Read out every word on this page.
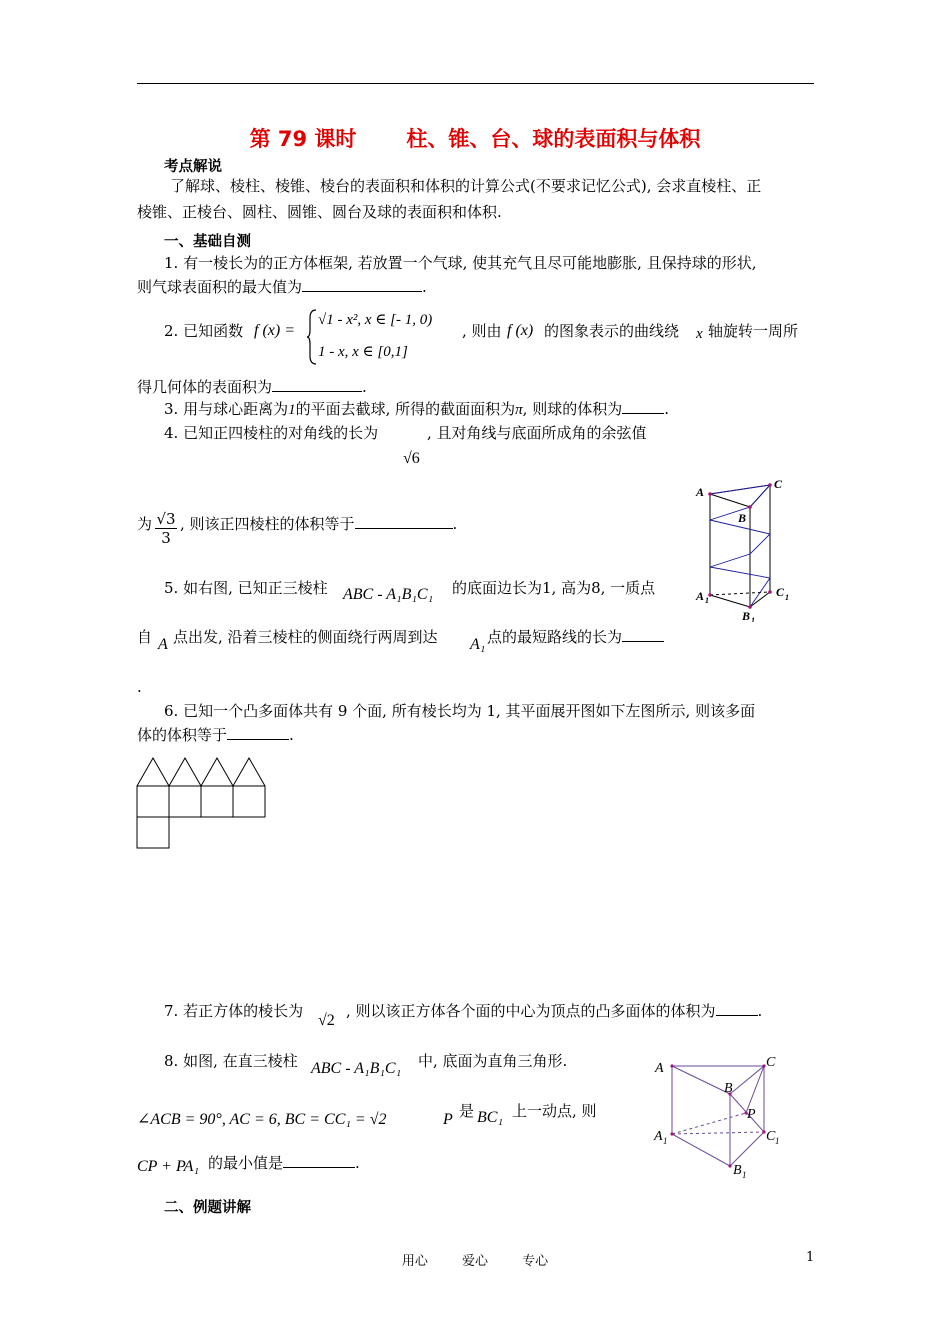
第 79 课时 柱、锥、台、球的表面积与体积
考点解说
了解球、棱柱、棱锥、棱台的表面积和体积的计算公式(不要求记忆公式), 会求直棱柱、正
棱锥、正棱台、圆柱、圆锥、圆台及球的表面积和体积.
一、基础自测
1. 有一棱长为的正方体框架, 若放置一个气球, 使其充气且尽可能地膨胀, 且保持球的形状,
则气球表面积的最大值为	.
2. 已知函数 f (x) =
√1 - x², x ∈ [- 1, 0)
1 - x, x ∈ [0,1]
, 则由 f (x) 的图象表示的曲线绕 x 轴旋转一周所
得几何体的表面积为	.
3. 用与球心距离为1的平面去截球, 所得的截面面积为π, 则球的体积为	.
4. 已知正四棱柱的对角线的长为	, 且对角线与底面所成角的余弦值
√6
为 $\frac{√3}{3}$ , 则该正四棱柱的体积等于	.
A
C
B
A 1
C 1
B 1
5. 如右图, 已知正三棱柱 ABC - A₁B₁C₁ 的底面边长为1, 高为8, 一质点
自 A 点出发, 沿着三棱柱的侧面绕行两周到达 A₁ 点的最短路线的长为
.
6. 已知一个凸多面体共有 9 个面, 所有棱长均为 1, 其平面展开图如下左图所示, 则该多面
体的体积等于	.
7. 若正方体的棱长为
√2
, 则以该正方体各个面的中心为顶点的凸多面体的体积为	.
A	C
B
P
A 1	C 1
B 1
8. 如图, 在直三棱柱 ABC - A₁B₁C₁ 中, 底面为直角三角形.
∠ACB = 90°, AC = 6, BC = CC₁ = √2	P 是 BC₁ 上一动点, 则
CP + PA₁ 的最小值是	.
二、例题讲解
用心 爱心 专心	1
